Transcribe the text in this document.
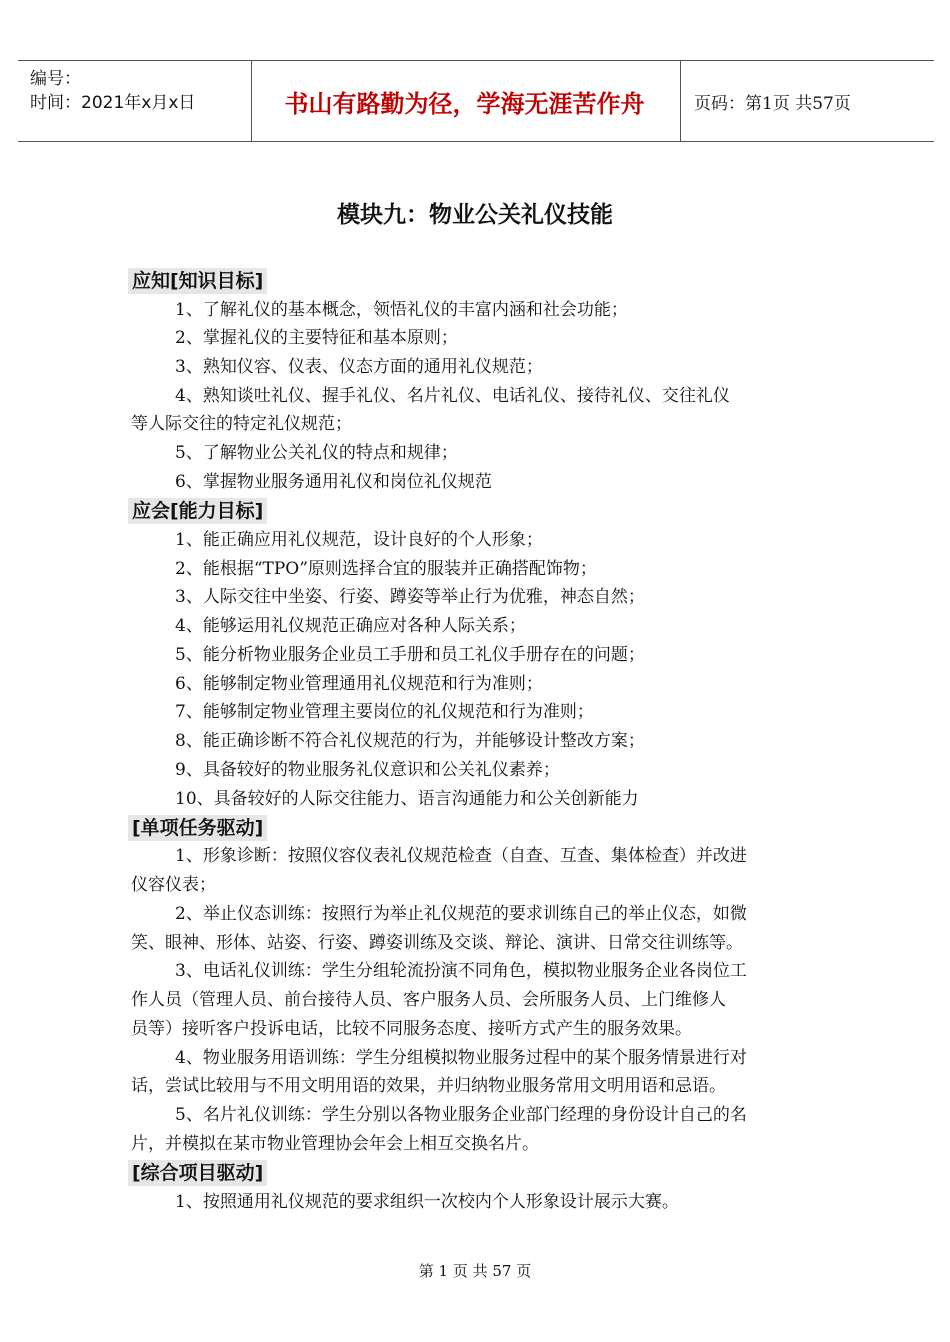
编号：
时间：2021年x月x日	书山有路勤为径，学海无涯苦作舟	页码：第1页 共57页
模块九：物业公关礼仪技能
应知[知识目标]
1、了解礼仪的基本概念，领悟礼仪的丰富内涵和社会功能；
2、掌握礼仪的主要特征和基本原则；
3、熟知仪容、仪表、仪态方面的通用礼仪规范；
4、熟知谈吐礼仪、握手礼仪、名片礼仪、电话礼仪、接待礼仪、交往礼仪
等人际交往的特定礼仪规范；
5、了解物业公关礼仪的特点和规律；
6、掌握物业服务通用礼仪和岗位礼仪规范
应会[能力目标]
1、能正确应用礼仪规范，设计良好的个人形象；
2、能根据“TPO”原则选择合宜的服装并正确搭配饰物；
3、人际交往中坐姿、行姿、蹲姿等举止行为优雅，神态自然；
4、能够运用礼仪规范正确应对各种人际关系；
5、能分析物业服务企业员工手册和员工礼仪手册存在的问题；
6、能够制定物业管理通用礼仪规范和行为准则；
7、能够制定物业管理主要岗位的礼仪规范和行为准则；
8、能正确诊断不符合礼仪规范的行为，并能够设计整改方案；
9、具备较好的物业服务礼仪意识和公关礼仪素养；
10、具备较好的人际交往能力、语言沟通能力和公关创新能力
[单项任务驱动]
1、形象诊断：按照仪容仪表礼仪规范检查（自查、互查、集体检查）并改进
仪容仪表；
2、举止仪态训练：按照行为举止礼仪规范的要求训练自己的举止仪态，如微
笑、眼神、形体、站姿、行姿、蹲姿训练及交谈、辩论、演讲、日常交往训练等。
3、电话礼仪训练：学生分组轮流扮演不同角色，模拟物业服务企业各岗位工
作人员（管理人员、前台接待人员、客户服务人员、会所服务人员、上门维修人
员等）接听客户投诉电话，比较不同服务态度、接听方式产生的服务效果。
4、物业服务用语训练：学生分组模拟物业服务过程中的某个服务情景进行对
话，尝试比较用与不用文明用语的效果，并归纳物业服务常用文明用语和忌语。
5、名片礼仪训练：学生分别以各物业服务企业部门经理的身份设计自己的名
片，并模拟在某市物业管理协会年会上相互交换名片。
[综合项目驱动]
1、按照通用礼仪规范的要求组织一次校内个人形象设计展示大赛。
第 1 页 共 57 页
